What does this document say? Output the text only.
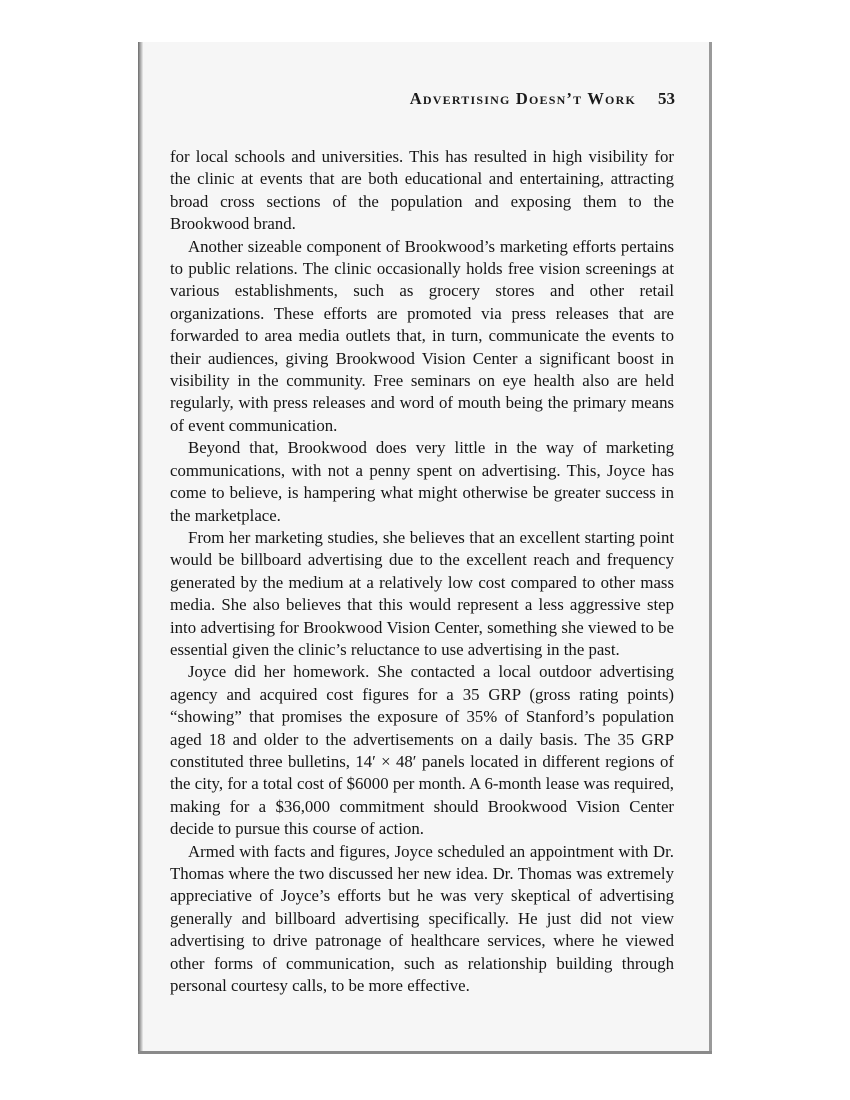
Advertising Doesn’t Work 53

for local schools and universities. This has resulted in high visibility for the clinic at events that are both educational and entertaining, attracting broad cross sections of the population and exposing them to the Brookwood brand.

Another sizeable component of Brookwood’s marketing efforts pertains to public relations. The clinic occasionally holds free vision screenings at various establishments, such as grocery stores and other retail organizations. These efforts are promoted via press releases that are forwarded to area media outlets that, in turn, communicate the events to their audiences, giving Brookwood Vision Center a significant boost in visibility in the community. Free seminars on eye health also are held regularly, with press releases and word of mouth being the primary means of event communication.

Beyond that, Brookwood does very little in the way of marketing communications, with not a penny spent on advertising. This, Joyce has come to believe, is hampering what might otherwise be greater success in the marketplace.

From her marketing studies, she believes that an excellent starting point would be billboard advertising due to the excellent reach and frequency generated by the medium at a relatively low cost compared to other mass media. She also believes that this would represent a less aggressive step into advertising for Brookwood Vision Center, something she viewed to be essential given the clinic’s reluctance to use advertising in the past.

Joyce did her homework. She contacted a local outdoor advertising agency and acquired cost figures for a 35 GRP (gross rating points) “showing” that promises the exposure of 35% of Stanford’s population aged 18 and older to the advertisements on a daily basis. The 35 GRP constituted three bulletins, 14′ × 48′ panels located in different regions of the city, for a total cost of $6000 per month. A 6-month lease was required, making for a $36,000 commitment should Brookwood Vision Center decide to pursue this course of action.

Armed with facts and figures, Joyce scheduled an appointment with Dr. Thomas where the two discussed her new idea. Dr. Thomas was extremely appreciative of Joyce’s efforts but he was very skeptical of advertising generally and billboard advertising specifically. He just did not view advertising to drive patronage of healthcare services, where he viewed other forms of communication, such as relationship building through personal courtesy calls, to be more effective.
